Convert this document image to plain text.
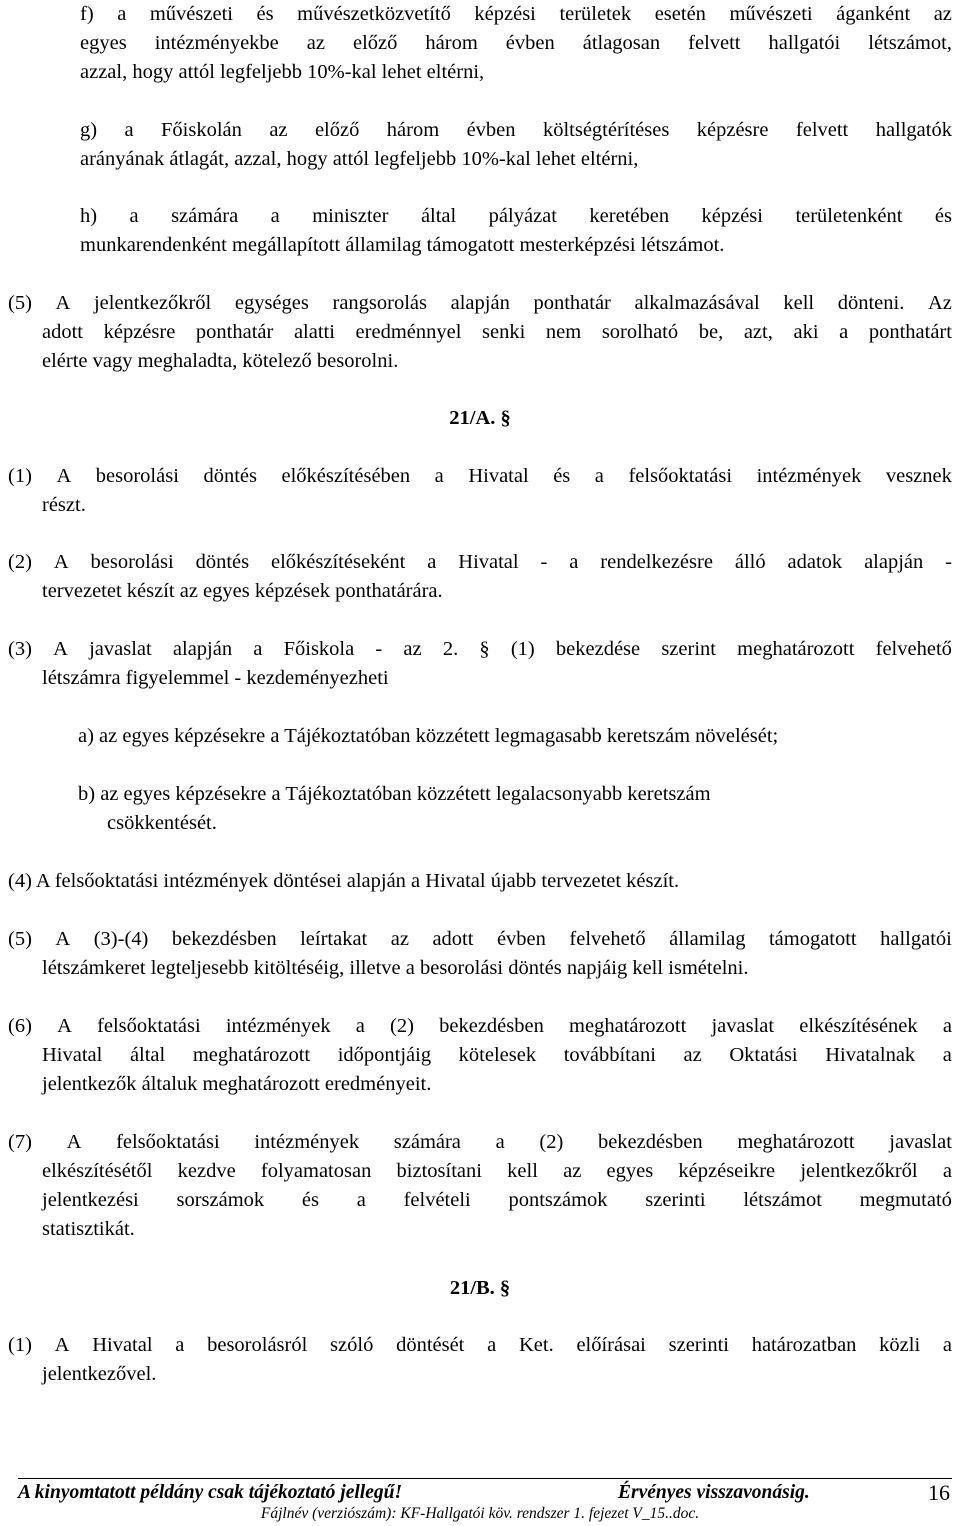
f) a művészeti és művészetközvetítő képzési területek esetén művészeti áganként az
egyes intézményekbe az előző három évben átlagosan felvett hallgatói létszámot,
azzal, hogy attól legfeljebb 10%-kal lehet eltérni,
g) a Főiskolán az előző három évben költségtérítéses képzésre felvett hallgatók
arányának átlagát, azzal, hogy attól legfeljebb 10%-kal lehet eltérni,
h) a számára a miniszter által pályázat keretében képzési területenként és
munkarendenként megállapított államilag támogatott mesterképzési létszámot.
(5) A jelentkezőkről egységes rangsorolás alapján ponthatár alkalmazásával kell dönteni. Az
adott képzésre ponthatár alatti eredménnyel senki nem sorolható be, azt, aki a ponthatárt
elérte vagy meghaladta, kötelező besorolni.
21/A. §
(1) A besorolási döntés előkészítésében a Hivatal és a felsőoktatási intézmények vesznek
részt.
(2) A besorolási döntés előkészítéseként a Hivatal - a rendelkezésre álló adatok alapján -
tervezetet készít az egyes képzések ponthatárára.
(3) A javaslat alapján a Főiskola - az 2. § (1) bekezdése szerint meghatározott felvehető
létszámra figyelemmel - kezdeményezheti
a) az egyes képzésekre a Tájékoztatóban közzétett legmagasabb keretszám növelését;
b) az egyes képzésekre a Tájékoztatóban közzétett legalacsonyabb keretszám
csökkentését.
(4) A felsőoktatási intézmények döntései alapján a Hivatal újabb tervezetet készít.
(5) A (3)-(4) bekezdésben leírtakat az adott évben felvehető államilag támogatott hallgatói
létszámkeret legteljesebb kitöltéséig, illetve a besorolási döntés napjáig kell ismételni.
(6) A felsőoktatási intézmények a (2) bekezdésben meghatározott javaslat elkészítésének a
Hivatal által meghatározott időpontjáig kötelesek továbbítani az Oktatási Hivatalnak a
jelentkezők általuk meghatározott eredményeit.
(7) A felsőoktatási intézmények számára a (2) bekezdésben meghatározott javaslat
elkészítésétől kezdve folyamatosan biztosítani kell az egyes képzéseikre jelentkezőkről a
jelentkezési sorszámok és a felvételi pontszámok szerinti létszámot megmutató
statisztikát.
21/B. §
(1) A Hivatal a besorolásról szóló döntését a Ket. előírásai szerinti határozatban közli a
jelentkezővel.
A kinyomtatott példány csak tájékoztató jellegű!	Érvényes visszavonásig.	16
Fájlnév (verziószám): KF-Hallgatói köv. rendszer 1. fejezet V_15..doc.
